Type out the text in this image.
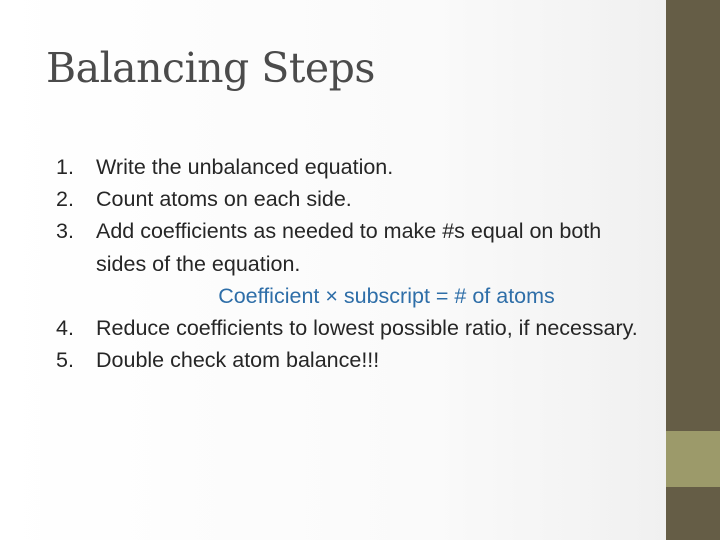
Balancing Steps
1. Write the unbalanced equation.
2. Count atoms on each side.
3. Add coefficients as needed to make #s equal on both sides of the equation.
Coefficient × subscript = # of atoms
4. Reduce coefficients to lowest possible ratio, if necessary.
5. Double check atom balance!!!
